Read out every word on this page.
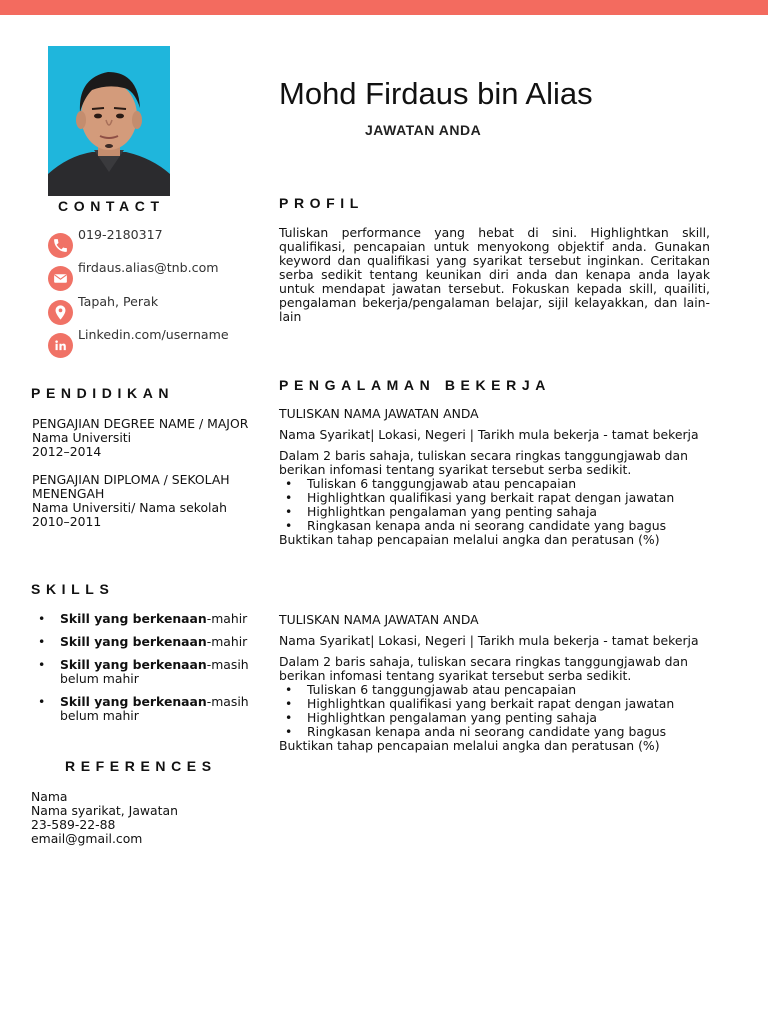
Mohd Firdaus bin Alias
JAWATAN ANDA
CONTACT
019-2180317
firdaus.alias@tnb.com
Tapah, Perak
Linkedin.com/username
PROFIL
Tuliskan performance yang hebat di sini. Highlightkan skill, qualifikasi, pencapaian untuk menyokong objektif anda. Gunakan keyword dan qualifikasi yang syarikat tersebut inginkan. Ceritakan serba sedikit tentang keunikan diri anda dan kenapa anda layak untuk mendapat jawatan tersebut. Fokuskan kepada skill, quailiti, pengalaman bekerja/pengalaman belajar, sijil kelayakkan, dan lain-lain
PENDIDIKAN

PENGAJIAN DEGREE NAME / MAJOR

Nama Universiti

2012–2014

PENGAJIAN DIPLOMA / SEKOLAH MENENGAH

Nama Universiti/ Nama sekolah

2010–2011

SKILLS
• Skill yang berkenaan-mahir
• Skill yang berkenaan-mahir
• Skill yang berkenaan-masih belum mahir
• Skill yang berkenaan-masih belum mahir
REFERENCES

Nama

Nama syarikat, Jawatan

23-589-22-88

email@gmail.com

PENGALAMAN BEKERJA

TULISKAN NAMA JAWATAN ANDA

Nama Syarikat| Lokasi, Negeri | Tarikh mula bekerja - tamat bekerja

Dalam 2 baris sahaja, tuliskan secara ringkas tanggungjawab dan berikan infomasi tentang syarikat tersebut serba sedikit.

• Tuliskan 6 tanggungjawab atau pencapaian
• Highlightkan qualifikasi yang berkait rapat dengan jawatan
• Highlightkan pengalaman yang penting sahaja
• Ringkasan kenapa anda ni seorang candidate yang bagus

Buktikan tahap pencapaian melalui angka dan peratusan (%)

TULISKAN NAMA JAWATAN ANDA

Nama Syarikat| Lokasi, Negeri | Tarikh mula bekerja - tamat bekerja

Dalam 2 baris sahaja, tuliskan secara ringkas tanggungjawab dan berikan infomasi tentang syarikat tersebut serba sedikit.

• Tuliskan 6 tanggungjawab atau pencapaian
• Highlightkan qualifikasi yang berkait rapat dengan jawatan
• Highlightkan pengalaman yang penting sahaja
• Ringkasan kenapa anda ni seorang candidate yang bagus

Buktikan tahap pencapaian melalui angka dan peratusan (%)
